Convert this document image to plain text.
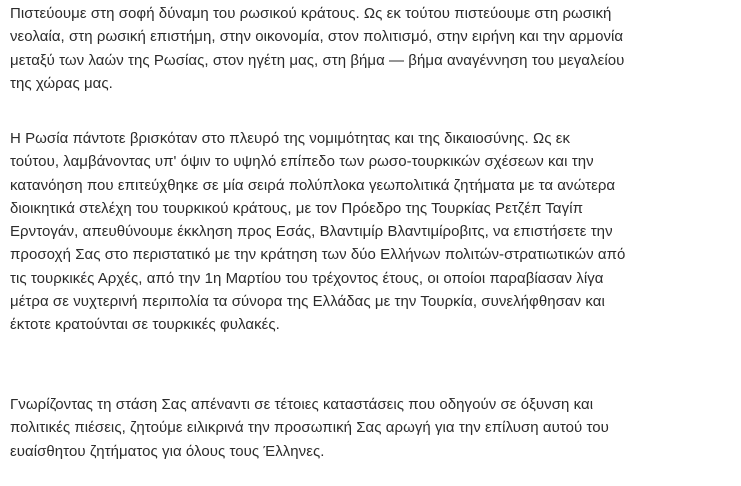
Πιστεύουμε στη σοφή δύναμη του ρωσικού κράτους. Ως εκ τούτου πιστεύουμε στη ρωσική
νεολαία, στη ρωσική επιστήμη, στην οικονομία, στον πολιτισμό, στην ειρήνη και την αρμονία
μεταξύ των λαών της Ρωσίας, στον ηγέτη μας, στη βήμα — βήμα αναγέννηση του μεγαλείου
της χώρας μας.

Η Ρωσία πάντοτε βρισκόταν στο πλευρό της νομιμότητας και της δικαιοσύνης. Ως εκ
τούτου, λαμβάνοντας υπ' όψιν το υψηλό επίπεδο των ρωσο-τουρκικών σχέσεων και την
κατανόηση που επιτεύχθηκε σε μία σειρά πολύπλοκα γεωπολιτικά ζητήματα με τα ανώτερα
διοικητικά στελέχη του τουρκικού κράτους, με τον Πρόεδρο της Τουρκίας Ρετζέπ Ταγίπ
Ερντογάν, απευθύνουμε έκκληση προς Εσάς, Βλαντιμίρ Βλαντιμίροβιτς, να επιστήσετε την
προσοχή Σας στο περιστατικό με την κράτηση των δύο Ελλήνων πολιτών-στρατιωτικών από
τις τουρκικές Αρχές, από την 1η Μαρτίου του τρέχοντος έτους, οι οποίοι παραβίασαν λίγα
μέτρα σε νυχτερινή περιπολία τα σύνορα της Ελλάδας με την Τουρκία, συνελήφθησαν και
έκτοτε κρατούνται σε τουρκικές φυλακές.

Γνωρίζοντας τη στάση Σας απέναντι σε τέτοιες καταστάσεις που οδηγούν σε όξυνση και
πολιτικές πιέσεις, ζητούμε ειλικρινά την προσωπική Σας αρωγή για την επίλυση αυτού του
ευαίσθητου ζητήματος για όλους τους Έλληνες.
